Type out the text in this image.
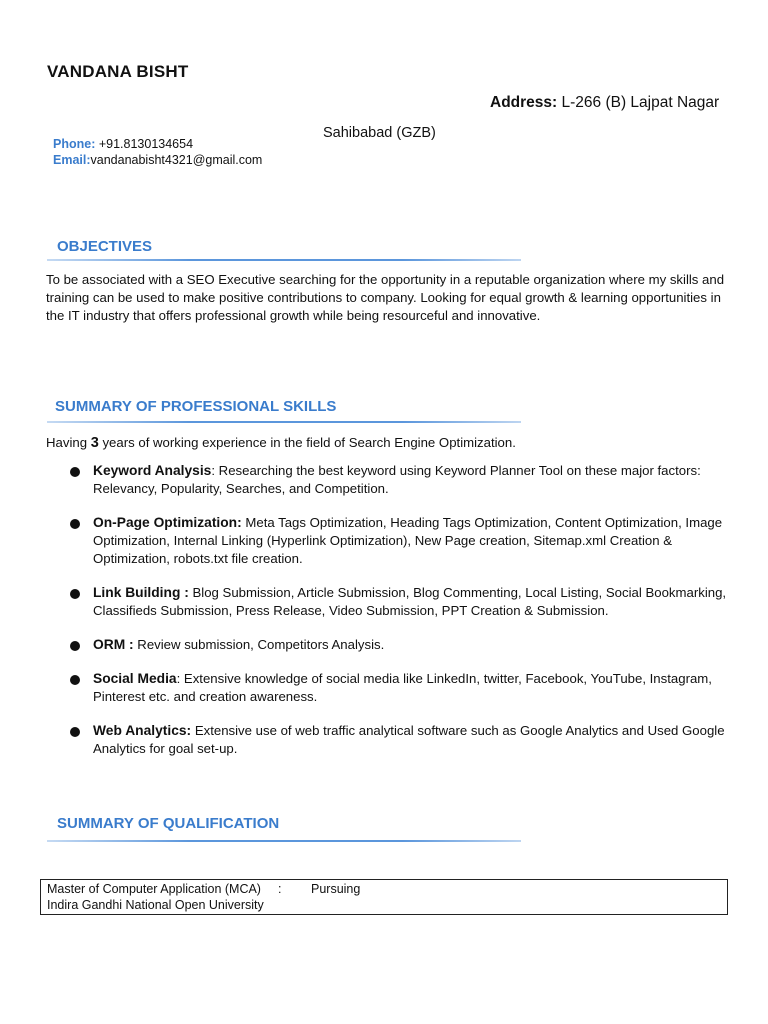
VANDANA BISHT
Address: L-266 (B) Lajpat Nagar
Sahibabad (GZB)
Phone: +91.8130134654
Email:vandanabisht4321@gmail.com
OBJECTIVES
To be associated with a SEO Executive searching for the opportunity in a reputable organization where my skills and training can be used to make positive contributions to company. Looking for equal growth & learning opportunities in the IT industry that offers professional growth while being resourceful and innovative.
SUMMARY OF PROFESSIONAL SKILLS
Having 3 years of working experience in the field of Search Engine Optimization.
Keyword Analysis: Researching the best keyword using Keyword Planner Tool on these major factors: Relevancy, Popularity, Searches, and Competition.
On-Page Optimization: Meta Tags Optimization, Heading Tags Optimization, Content Optimization, Image Optimization, Internal Linking (Hyperlink Optimization), New Page creation, Sitemap.xml Creation & Optimization, robots.txt file creation.
Link Building : Blog Submission, Article Submission, Blog Commenting, Local Listing, Social Bookmarking, Classifieds Submission, Press Release, Video Submission, PPT Creation & Submission.
ORM : Review submission, Competitors Analysis.
Social Media: Extensive knowledge of social media like LinkedIn, twitter, Facebook, YouTube, Instagram, Pinterest etc. and creation awareness.
Web Analytics: Extensive use of web traffic analytical software such as Google Analytics and Used Google Analytics for goal set-up.
SUMMARY OF QUALIFICATION
Master of Computer Application (MCA) : Pursuing
Indira Gandhi National Open University
